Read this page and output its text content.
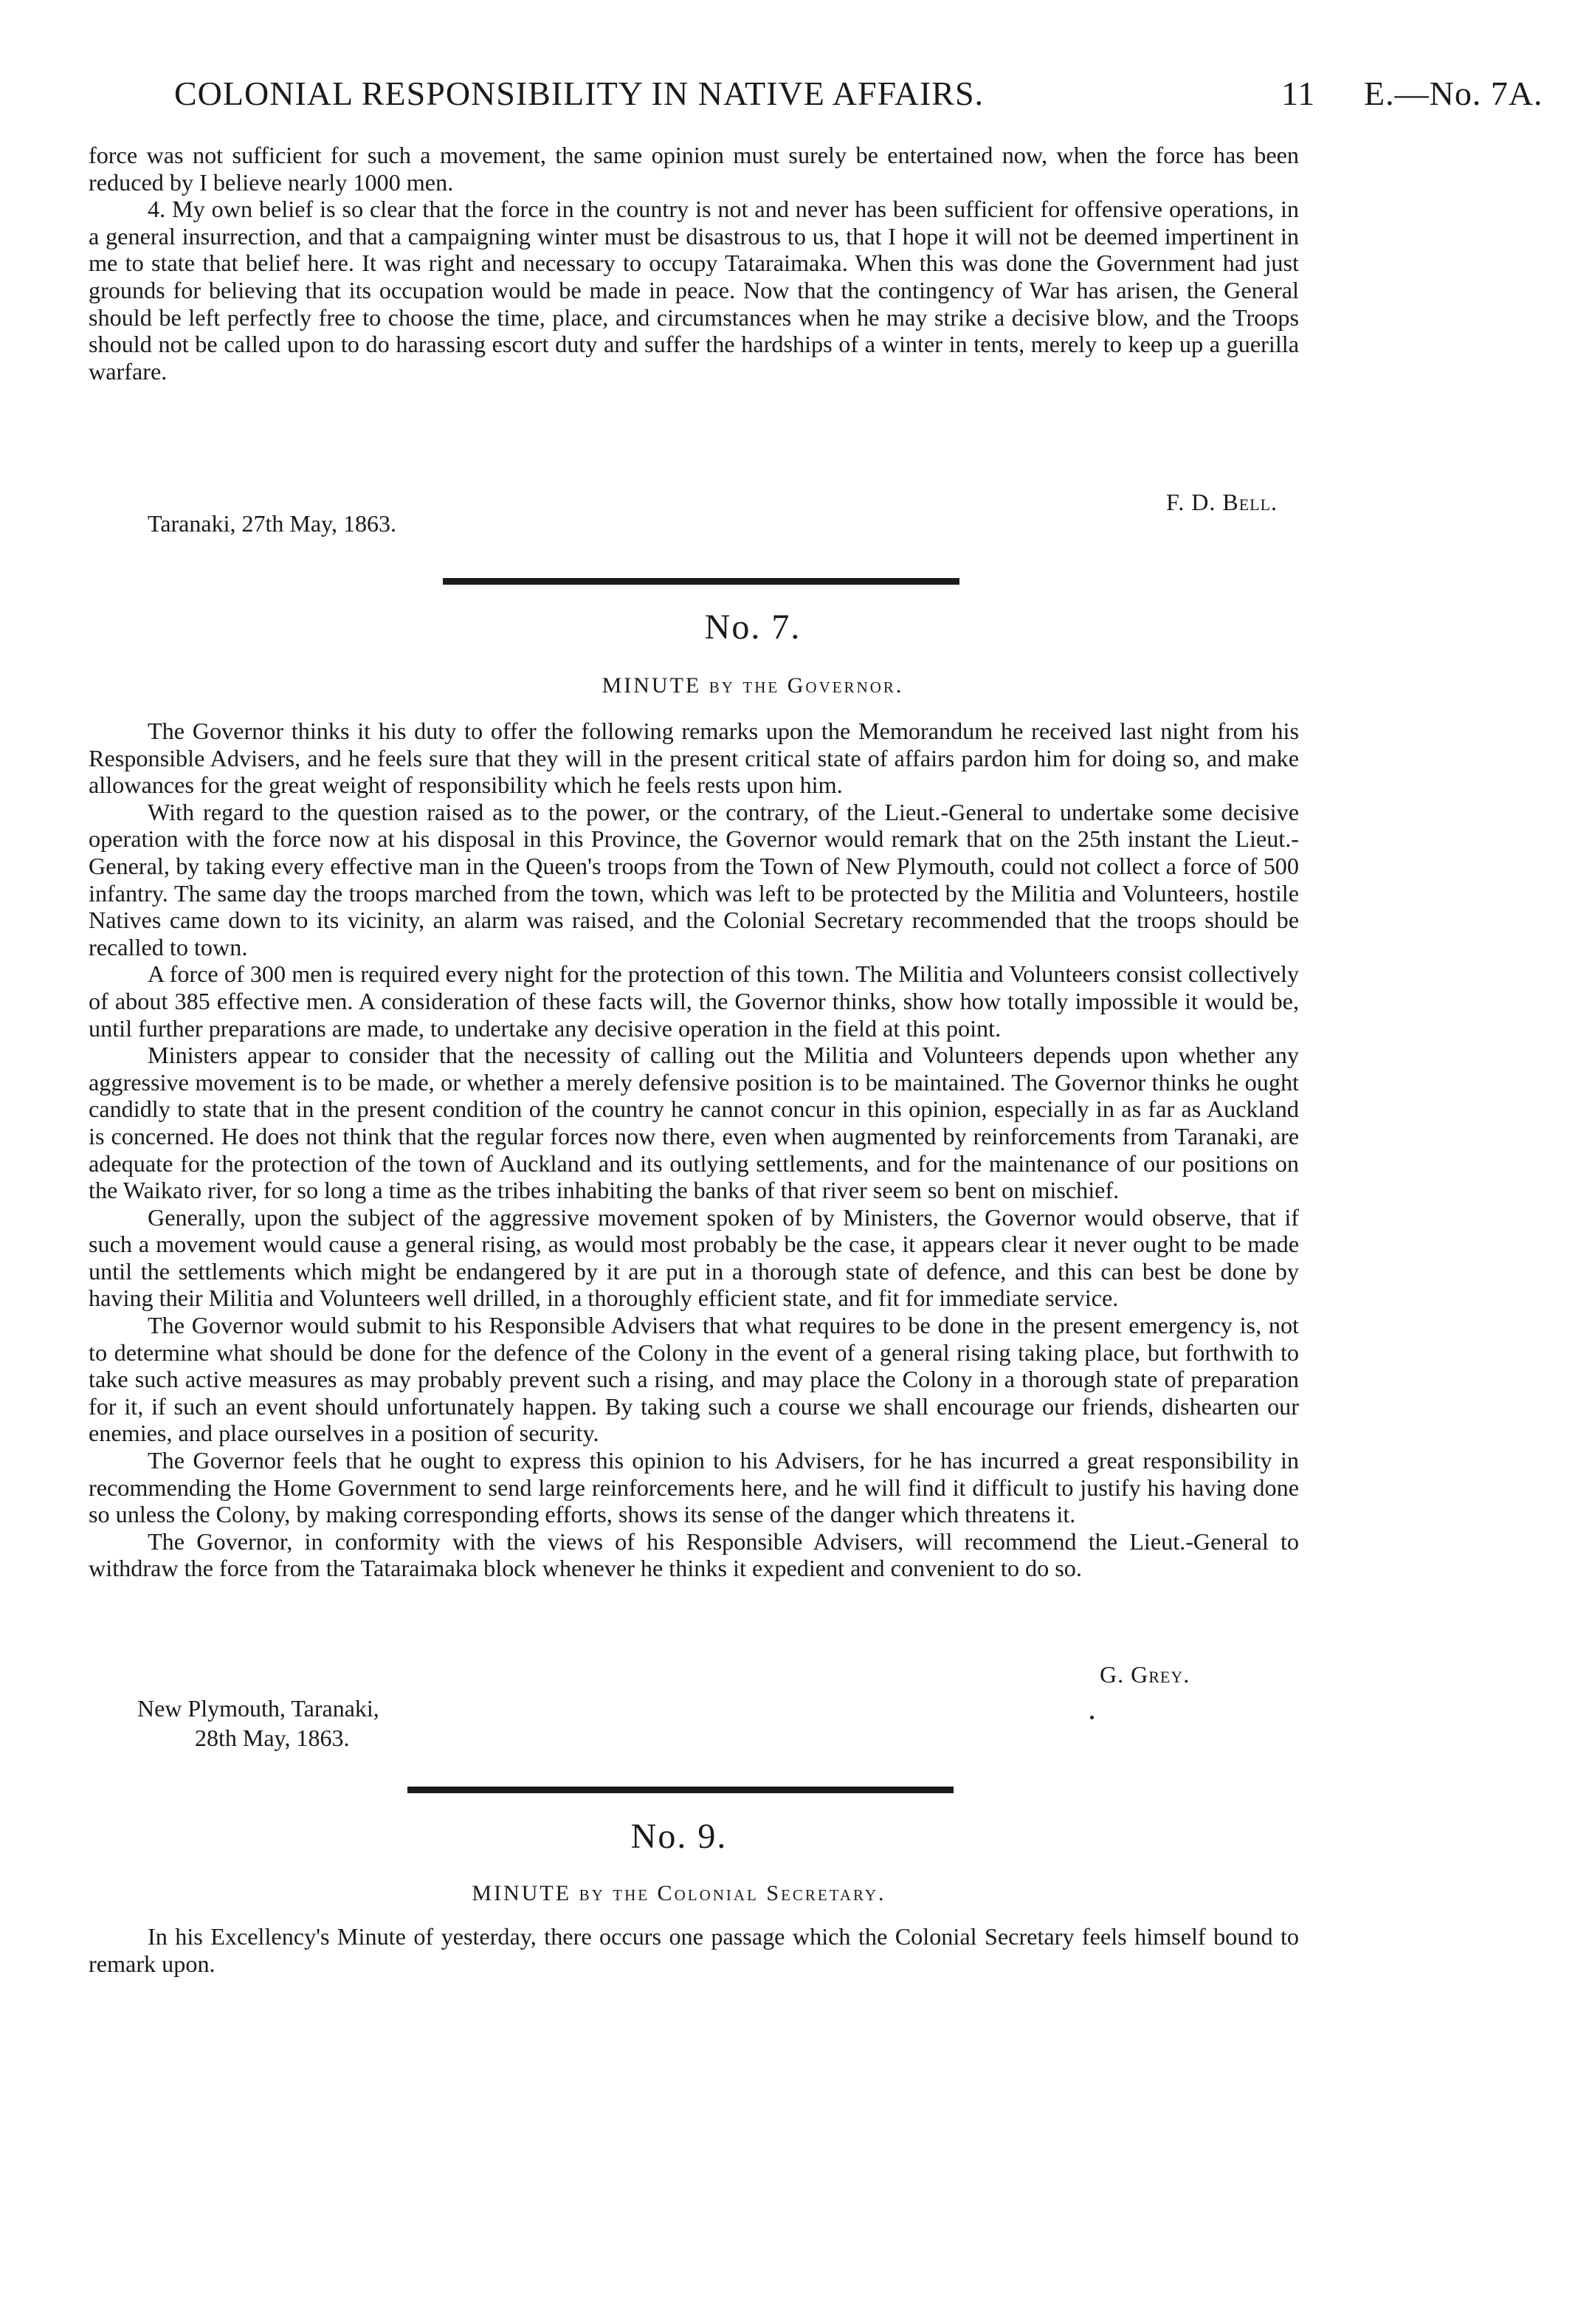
COLONIAL RESPONSIBILITY IN NATIVE AFFAIRS.	11 E.—No. 7A.

force was not sufficient for such a movement, the same opinion must surely be entertained now, when the force has been reduced by I believe nearly 1000 men.

4. My own belief is so clear that the force in the country is not and never has been sufficient for offensive operations, in a general insurrection, and that a campaigning winter must be disastrous to us, that I hope it will not be deemed impertinent in me to state that belief here. It was right and necessary to occupy Tataraimaka. When this was done the Government had just grounds for believing that its occupation would be made in peace. Now that the contingency of War has arisen, the General should be left perfectly free to choose the time, place, and circumstances when he may strike a decisive blow, and the Troops should not be called upon to do harassing escort duty and suffer the hardships of a winter in tents, merely to keep up a guerilla warfare.

F. D. Bell.
Taranaki, 27th May, 1863.
No. 7.
MINUTE by the Governor.

The Governor thinks it his duty to offer the following remarks upon the Memorandum he received last night from his Responsible Advisers, and he feels sure that they will in the present critical state of affairs pardon him for doing so, and make allowances for the great weight of responsibility which he feels rests upon him.

With regard to the question raised as to the power, or the contrary, of the Lieut.-General to undertake some decisive operation with the force now at his disposal in this Province, the Governor would remark that on the 25th instant the Lieut.-General, by taking every effective man in the Queen's troops from the Town of New Plymouth, could not collect a force of 500 infantry. The same day the troops marched from the town, which was left to be protected by the Militia and Volunteers, hostile Natives came down to its vicinity, an alarm was raised, and the Colonial Secretary recommended that the troops should be recalled to town.

A force of 300 men is required every night for the protection of this town. The Militia and Volunteers consist collectively of about 385 effective men. A consideration of these facts will, the Governor thinks, show how totally impossible it would be, until further preparations are made, to undertake any decisive operation in the field at this point.

Ministers appear to consider that the necessity of calling out the Militia and Volunteers depends upon whether any aggressive movement is to be made, or whether a merely defensive position is to be maintained. The Governor thinks he ought candidly to state that in the present condition of the country he cannot concur in this opinion, especially in as far as Auckland is concerned. He does not think that the regular forces now there, even when augmented by reinforcements from Taranaki, are adequate for the protection of the town of Auckland and its outlying settlements, and for the maintenance of our positions on the Waikato river, for so long a time as the tribes inhabiting the banks of that river seem so bent on mischief.

Generally, upon the subject of the aggressive movement spoken of by Ministers, the Governor would observe, that if such a movement would cause a general rising, as would most probably be the case, it appears clear it never ought to be made until the settlements which might be endangered by it are put in a thorough state of defence, and this can best be done by having their Militia and Volunteers well drilled, in a thoroughly efficient state, and fit for immediate service.

The Governor would submit to his Responsible Advisers that what requires to be done in the present emergency is, not to determine what should be done for the defence of the Colony in the event of a general rising taking place, but forthwith to take such active measures as may probably prevent such a rising, and may place the Colony in a thorough state of preparation for it, if such an event should unfortunately happen. By taking such a course we shall encourage our friends, dishearten our enemies, and place ourselves in a position of security.

The Governor feels that he ought to express this opinion to his Advisers, for he has incurred a great responsibility in recommending the Home Government to send large reinforcements here, and he will find it difficult to justify his having done so unless the Colony, by making corresponding efforts, shows its sense of the danger which threatens it.

The Governor, in conformity with the views of his Responsible Advisers, will recommend the Lieut.-General to withdraw the force from the Tataraimaka block whenever he thinks it expedient and convenient to do so.

G. Grey.
New Plymouth, Taranaki,
28th May, 1863.
No. 9.
MINUTE by the Colonial Secretary.

In his Excellency's Minute of yesterday, there occurs one passage which the Colonial Secretary feels himself bound to remark upon.
